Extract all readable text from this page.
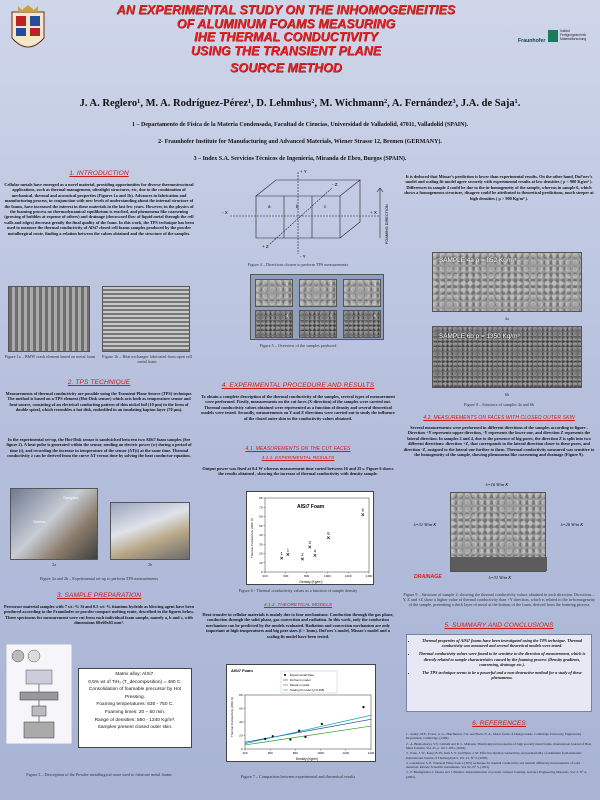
AN EXPERIMENTAL STUDY ON THE INHOMOGENEITIES
OF ALUMINUM FOAMS MEASURING
IHE THERMAL CONDUCTIVITY
USING THE TRANSIENT PLANE
SOURCE METHOD
Fraunhofer
Institut
Fertigungstechnik
Materialforschung
J. A. Reglero¹, M. A. Rodríguez-Pérez¹, D. Lehmhus², M. Wichmann², A. Fernández³, J.A. de Saja¹.
1 – Departamento de Física de la Materia Condensada, Facultad de Ciencias, Universidad de Valladolid, 47011, Valladolid (SPAIN).
2- Fraunhofer Institute for Manufacturing and Advanced Materials, Wiener Strasse 12, Bremen (GERMANY).
3 – Index S.A. Servicios Técnicos de Ingeniería, Miranda de Ebro, Burgos (SPAIN).
1. INTRODUCTION
Cellular metals have emerged as a novel material, providing opportunities for diverse thermostructural applications, such as thermal management, ultralight structures, etc, due to the combination of mechanical, thermal and acoustical properties (Figures 1a and 1b). Advances in fabrication and manufacturing process, in conjunction with new levels of understanding about the internal structure of the foams, have increased the interest in these materials in the last few years. However, in the physics of the foaming process no thermodynamical equilibrium is reached, and phenomena like coarsening (growing of bubbles at expense of others) and drainage (downward flow of liquid metal through the cell walls and edges) decrease greatly the final quality of the foam. In this work, the TPS technique has been used to measure the thermal conductivity of AlSi7 closed cell foams samples produced by the powder metallurgical route, finding a relation between the values obtained and the structure of the samples.
Figure 1a – BMW crash element based on metal foam	Figure 1b – Heat exchanger fabricated from open cell metal foam
2. TPS TECHNIQUE
Measurements of thermal conductivity are possible using the Transient Plane Source (TPS) technique. The method is based on a TPS element (Hot-Disk sensor) which acts both as temperature sensor and heat source, consisting of an electrical conducting pattern of thin nickel foil (10 μm) in the form of double spiral, which resembles a hot disk, embedded in an insulating kapton layer (70 μm).
In the experimental set-up, the Hot-Disk sensor is sandwiched between two AlSi7 foam samples (See figure 2). A heat pulse is generated within the sensor, sending an electric power (w) during a period of time (t), and recording the increase in temperature of the sensor (ΔT(t) at the same time. Thermal conductivity λ can be derived from the curve ΔT versus time by solving the heat conductor equation.
Samples
Sensor
2a	2b
Figure 2a and 2b – Experimental set-up to perform TPS measurements
3. SAMPLE PREPARATION
Precursor material samples with 7 wt.-% Si and 0.5 wt.-% titanium hydride as blowing agent have been produced according to the Fraunhofer or powder compact melting route, described in the figures below. Three specimens for measurement were cut from each individual foam sample, namely a, b and c, with dimensions 60x60x65 mm³.
Matrix alloy: AlSi7.
0,5% wt of TiH₂ (T_decomposition) = 480 C.
Consolidation of foamable precursor by Hot Pressing.
Foaming temperatures: 630 - 750 C.
Foaming times: 20 – 50 min.
Range of densities: 560 - 1340 Kg/m³.
Samples present closed outer skin.
Figure 3 – Description of the Powder metallurgical route used to fabricate metal foams
+ Y
- Y
+ X
- X
+ Z
- Z
a	b	c	FOAMING DIRECTION
Figure 4 – Directions chosen to perform TPS measurements
1	2	3
4	5	6
Figure 5 – Overview of the samples produced
4. EXPERIMENTAL PROCEDURE AND RESULTS
To obtain a complete description of the thermal conductivity of the samples, several types of measurement were performed. Firstly, measurements on the cut faces (X-direction) of the samples were carried out. Thermal conductivity values obtained were represented as a function of density and several theoretical models were tested. Secondly, measurements on Y and Z directions were carried out to study the influence of the closed outer skin in the conductivity values obtained.
4.1. MEASUREMENTS ON THE CUT FACES
4.1.1. EXPERIMENTAL RESULTS
Output power was fixed at 0.4 W whereas measurement time varied between 16 and 25 s. Figure 6 shows the results obtained , showing the increase of thermal conductivity with density sample.
1
1
2
3
4
5
6
400	600	800	1000	1200	1400
0
10
20
30
40
50
60
70
80
AlSi7 Foam
Density (Kg/m³)
Thermal Conductivity (W/m K)
Figure 6 - Thermal conductivity values as a function of sample density
4.1.2. THEORETICAL MODELS
Heat transfer in cellular materials is mainly due to four mechanisms: Conduction through the gas phase, conduction through the solid phase, gas convection and radiation. In this work, only the conduction mechanism can be predicted by the models evaluated. Radiation and convection mechanism are only important at high temperatures and big pore sizes (l > 3mm). Duf'nev's model, Missar's model and a scaling fit model have been tested.
400	600	800	1000	1200	1400
0
20
40
60
80
AlSi7 Foam
Experimental Data
Duf'nev's model
Missar's model
Scaling fit model (y=0.468)
Density (Kg/m³)
Thermal Conductivity (W/m K)
Figure 7 – Comparison between experimental and theoretical results
It is deduced that Missar's prediction is lower than experimental results. On the other hand, Duf'nev's model and scaling fit model agree securely with experimental results at low densities ( ρ < 900 Kg/m³ ). Differences in sample 4 could be due to the in-homogeneity of the sample, whereas in sample 6, which shows a homogeneous structure, disagree could be attributed to theoretical predictions, much steeper at high densities ( ρ > 900 Kg/m³ ).
SAMPLE 4a ρ = 852 Kg/m³
4a
SAMPLE 6b ρ = 1350 Kg/m³
6b
Figure 8 – Structure of samples 4a and 6b
4.2. MEASUREMENTS ON FACES WITH CLOSED OUTER SKIN
Several measurements were performed in different directions of the samples according to figure . Direction +Y represents upper direction, -Y represents the lower one, and direction Z represents the lateral direction. In samples 2 and 4, due to the presence of big pores, the direction Z is split into two different directions: direction +Z, that corresponds to the lateral direction closer to these pores, and direction -Z, assigned to the lateral one further to them. Thermal conductivity measured was sensitive to the homogeneity of the sample, showing phenomena like coarsening and drainage (Figure 9).
λ=16 W/m K
λ=31 W/m K	λ=26 W/m K
DRAINAGE	λ=31 W/m K
Figure 9 – Structure of sample 2, showing the thermal conductivity values obtained in each direction. Directions –Y, Z and +Z show a higher value of thermal conductivity than +Y direction, which is related to the in-homogeneity of the sample, presenting a thick layer of metal at the bottom of the foam, derived from the foaming process
5. SUMMARY AND CONCLUSIONS
• Thermal properties of AlSi7 foams have been investigated using the TPS technique. Thermal conductivity was measured and several theoretical models were tested.
• Thermal conductivity values were found to be sensitive to the direction of measurement, which is directly related to sample characteristics caused by the foaming process (Density gradients, coarsening, drainage etc.).
• The TPS technique seems to be a powerful and a non-destructive method for a study of these phenomena.
6. REFERENCES
1 - Ashby, M.F., Evans, A. G., Hutchinson, J.W. and Fleck, N. A., Metal foams: A Design Guide. Cambridge University, Engineering Department, Cambridge, (1999).
2 - A. Bhattacharya, V.V. Calmidi and R. L. Mahajan, Thermophysical properties of high porosity metal foams. International Journal of Heat Mass Transfer, Vol. 45, p. 1017-1031, (2002).
3 - Paek, J. W., Kang, B. H., Kim S. Y. and Hyun, J. M. Effective thermal conductivity and permeability of aluminum foam materials. International Journal of Thermophysics, Vol. 21, N° 2, (2000).
4 - Gustafsson S. E. Transient Plane Source (TPS) technique for thermal conductivity and thermal diffusivity measurements of solid materials. Review Scientific Instruments, Vol. 62, N° 3, (1991).
5 - F. Baumgärtner, I. Duarte and J. Banhart. Industrialization of powder compact foaming. Advance Engineering Materials, Vol. 2, N° 4, (2002).
